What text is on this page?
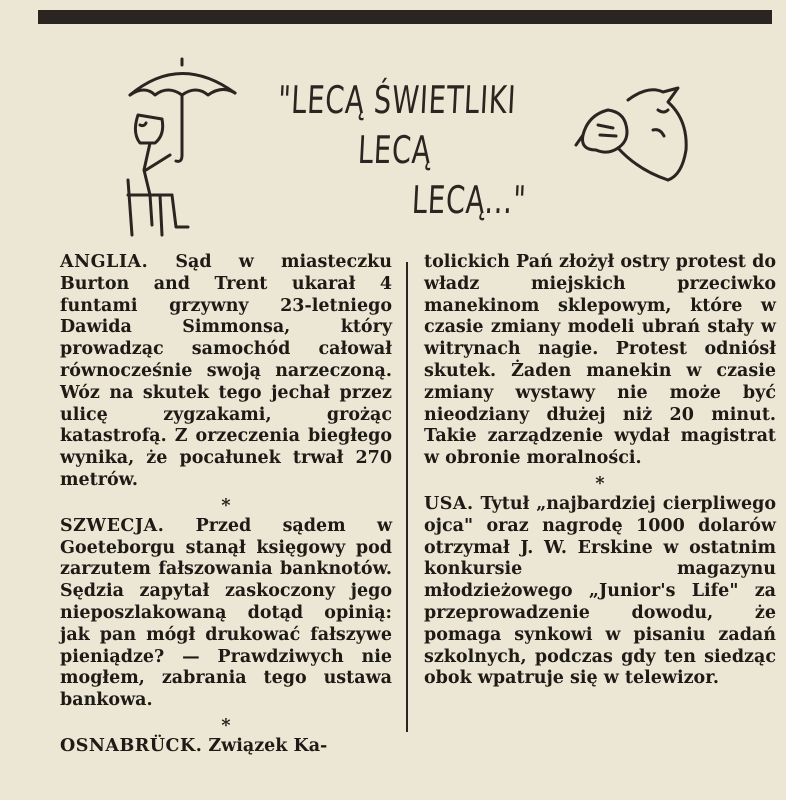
"LECĄ ŚWIETLIKI
LECĄ
LECĄ..."

ANGLIA. Sąd w miasteczku Burton and Trent ukarał 4 funtami grzywny 23-letniego Dawida Simmonsa, który prowadząc samochód całował równocześnie swoją narzeczoną. Wóz na skutek tego jechał przez ulicę zygzakami, grożąc katastrofą. Z orzeczenia biegłego wynika, że pocałunek trwał 270 metrów.

*

SZWECJA. Przed sądem w Goeteborgu stanął księgowy pod zarzutem fałszowania banknotów. Sędzia zapytał zaskoczony jego nieposzlakowaną dotąd opinią: jak pan mógł drukować fałszywe pieniądze? — Prawdziwych nie mogłem, zabrania tego ustawa bankowa.

*

OSNABRÜCK. Związek Ka-

tolickich Pań złożył ostry protest do władz miejskich przeciwko manekinom sklepowym, które w czasie zmiany modeli ubrań stały w witrynach nagie. Protest odniósł skutek. Żaden manekin w czasie zmiany wystawy nie może być nieodziany dłużej niż 20 minut. Takie zarządzenie wydał magistrat w obronie moralności.

*

USA. Tytuł „najbardziej cierpliwego ojca" oraz nagrodę 1000 dolarów otrzymał J. W. Erskine w ostatnim konkursie magazynu młodzieżowego „Junior's Life" za przeprowadzenie dowodu, że pomaga synkowi w pisaniu zadań szkolnych, podczas gdy ten siedząc obok wpatruje się w telewizor.
